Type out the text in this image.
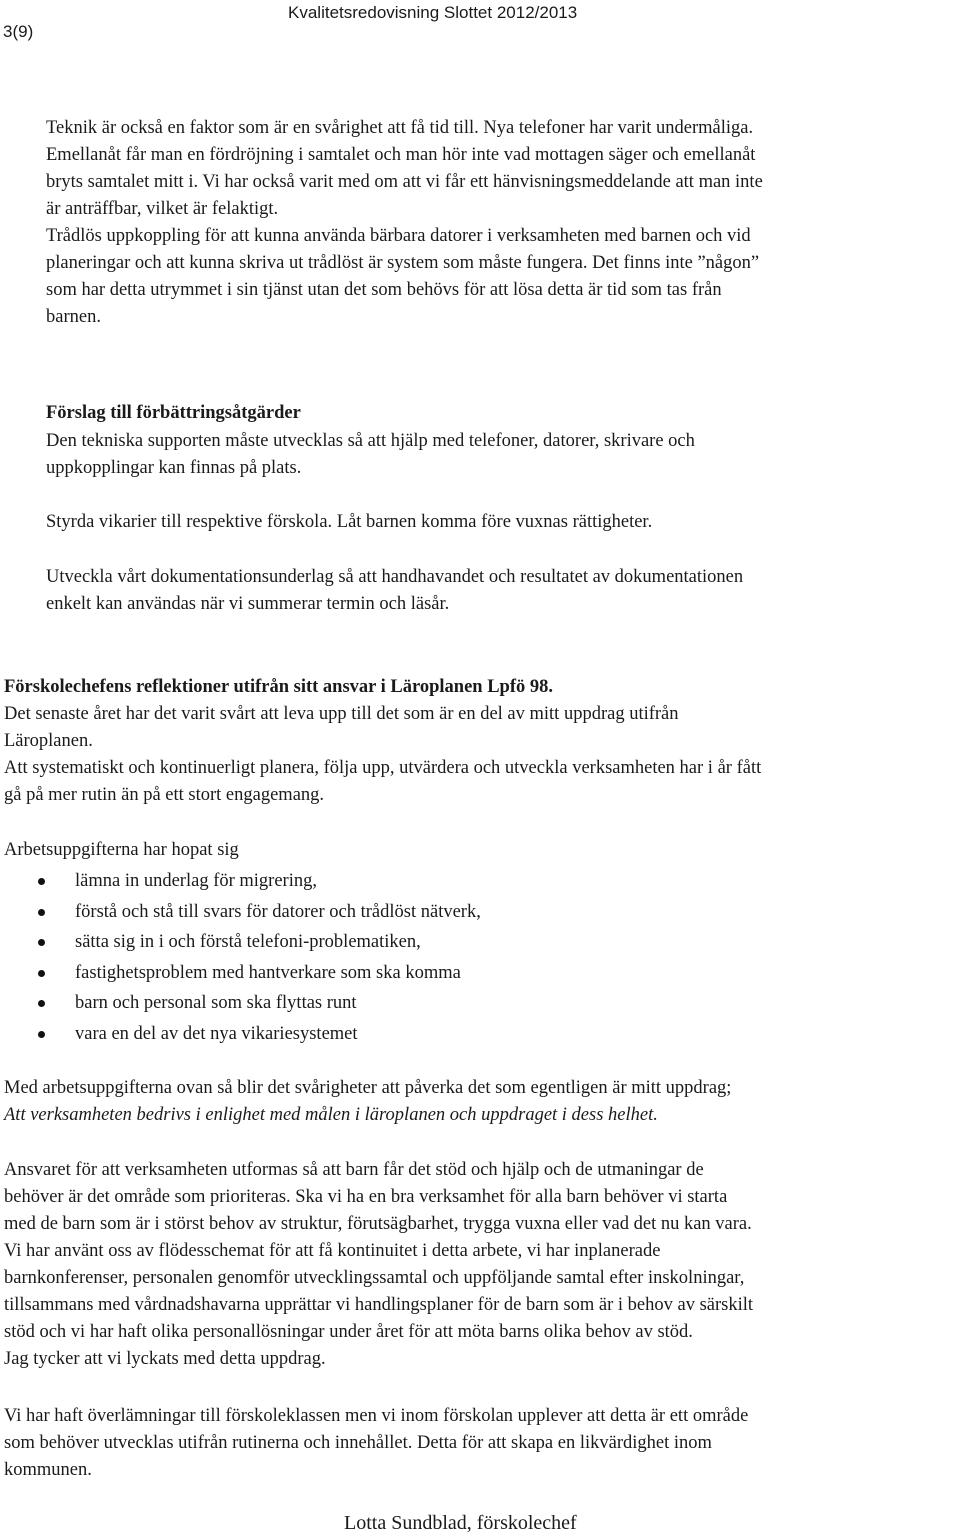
3(9)
Kvalitetsredovisning Slottet 2012/2013
Teknik är också en faktor som är en svårighet att få tid till. Nya telefoner har varit undermåliga.
Emellanåt får man en fördröjning i samtalet och man hör inte vad mottagen säger och emellanåt
bryts samtalet mitt i. Vi har också varit med om att vi får ett hänvisningsmeddelande att man inte
är anträffbar, vilket är felaktigt.
Trådlös uppkoppling för att kunna använda bärbara datorer i verksamheten med barnen och vid
planeringar och att kunna skriva ut trådlöst är system som måste fungera. Det finns inte ”någon”
som har detta utrymmet i sin tjänst utan det som behövs för att lösa detta är tid som tas från
barnen.
Förslag till förbättringsåtgärder
Den tekniska supporten måste utvecklas så att hjälp med telefoner, datorer, skrivare och
uppkopplingar kan finnas på plats.
Styrda vikarier till respektive förskola. Låt barnen komma före vuxnas rättigheter.
Utveckla vårt dokumentationsunderlag så att handhavandet och resultatet av dokumentationen
enkelt kan användas när vi summerar termin och läsår.
Förskolechefens reflektioner utifrån sitt ansvar i Läroplanen Lpfö 98.
Det senaste året har det varit svårt att leva upp till det som är en del av mitt uppdrag utifrån
Läroplanen.
Att systematiskt och kontinuerligt planera, följa upp, utvärdera och utveckla verksamheten har i år fått
gå på mer rutin än på ett stort engagemang.
Arbetsuppgifterna har hopat sig
lämna in underlag för migrering,
förstå och stå till svars för datorer och trådlöst nätverk,
sätta sig in i och förstå telefoni-problematiken,
fastighetsproblem med hantverkare som ska komma
barn och personal som ska flyttas runt
vara en del av det nya vikariesystemet
Med arbetsuppgifterna ovan så blir det svårigheter att påverka det som egentligen är mitt uppdrag;
Att verksamheten bedrivs i enlighet med målen i läroplanen och uppdraget i dess helhet.
Ansvaret för att verksamheten utformas så att barn får det stöd och hjälp och de utmaningar de
behöver är det område som prioriteras. Ska vi ha en bra verksamhet för alla barn behöver vi starta
med de barn som är i störst behov av struktur, förutsägbarhet, trygga vuxna eller vad det nu kan vara.
Vi har använt oss av flödesschemat för att få kontinuitet i detta arbete, vi har inplanerade
barnkonferenser, personalen genomför utvecklingssamtal och uppföljande samtal efter inskolningar,
tillsammans med vårdnadshavarna upprättar vi handlingsplaner för de barn som är i behov av särskilt
stöd och vi har haft olika personallösningar under året för att möta barns olika behov av stöd.
Jag tycker att vi lyckats med detta uppdrag.
Vi har haft överlämningar till förskoleklassen men vi inom förskolan upplever att detta är ett område
som behöver utvecklas utifrån rutinerna och innehållet. Detta för att skapa en likvärdighet inom
kommunen.
Lotta Sundblad, förskolechef
